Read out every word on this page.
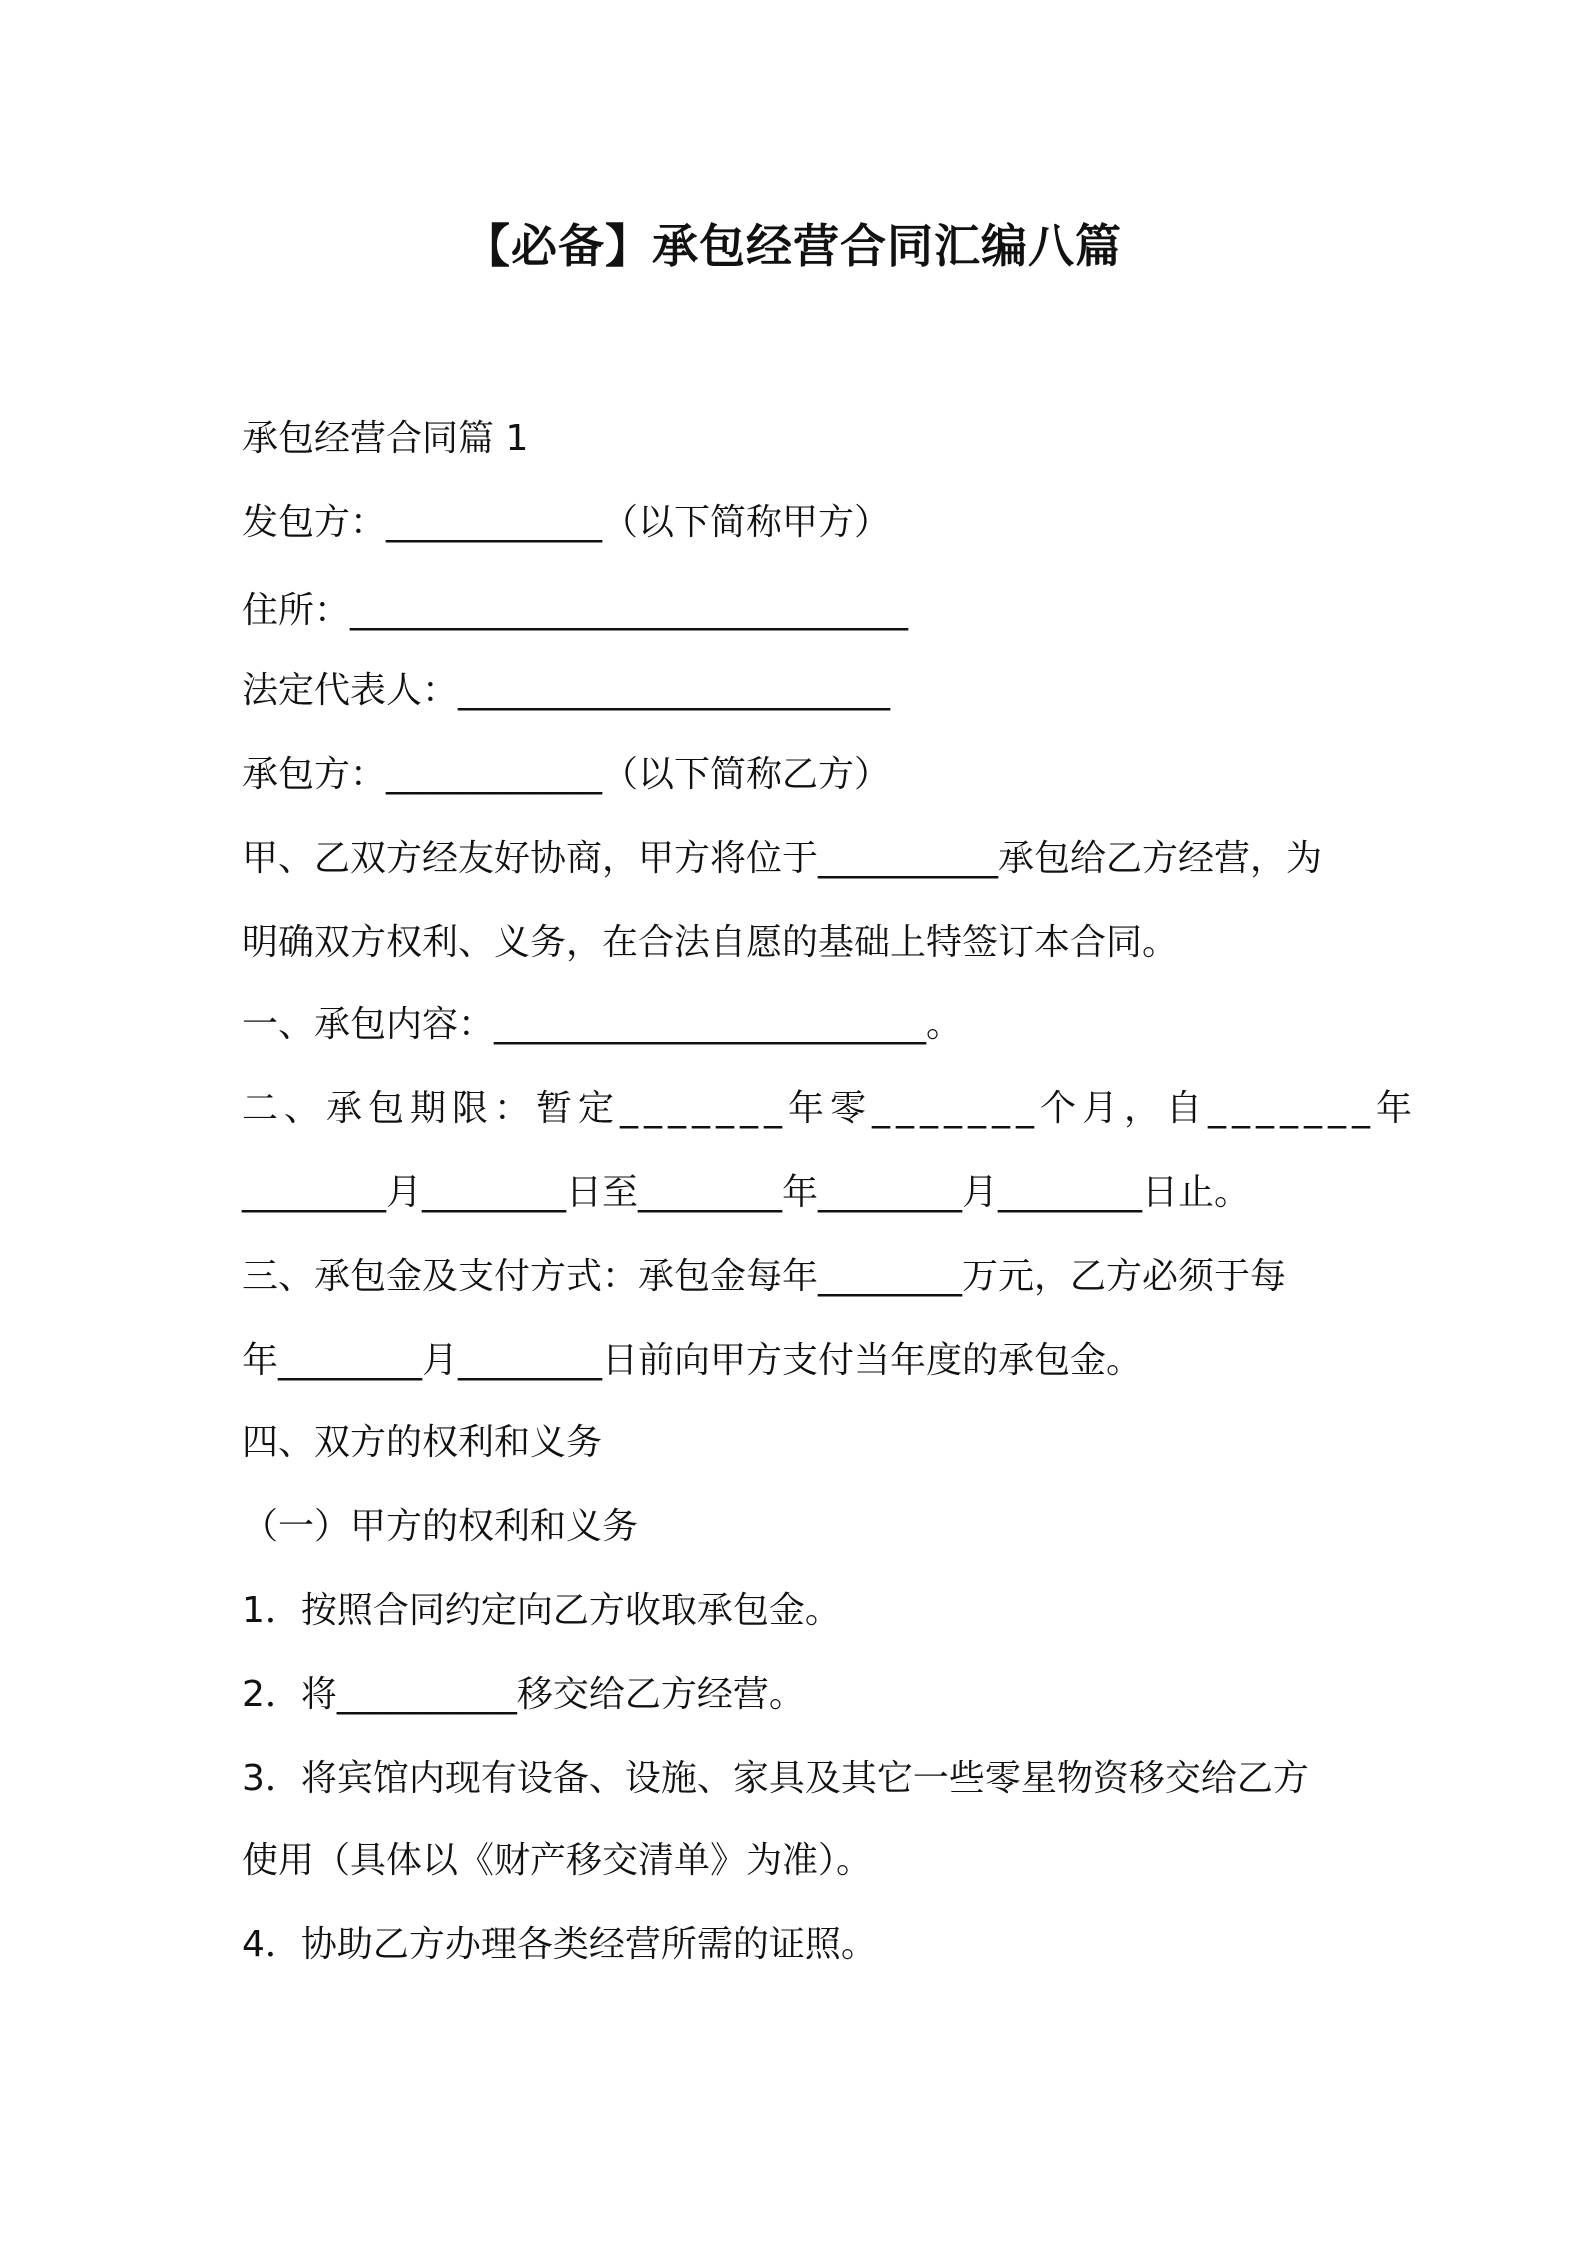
【必备】承包经营合同汇编八篇
承包经营合同篇 1
发包方：____________（以下简称甲方）
住所：_______________________________
法定代表人：________________________
承包方：____________（以下简称乙方）
甲、乙双方经友好协商，甲方将位于__________承包给乙方经营，为
明确双方权利、义务，在合法自愿的基础上特签订本合同。
一、承包内容：________________________。
二、承包期限：暂定_______年零_______个月，自_______年
________月________日至________年________月________日止。
三、承包金及支付方式：承包金每年________万元，乙方必须于每
年________月________日前向甲方支付当年度的承包金。
四、双方的权利和义务
（一）甲方的权利和义务
1．按照合同约定向乙方收取承包金。
2．将__________移交给乙方经营。
3．将宾馆内现有设备、设施、家具及其它一些零星物资移交给乙方
使用（具体以《财产移交清单》为准）。
4．协助乙方办理各类经营所需的证照。
